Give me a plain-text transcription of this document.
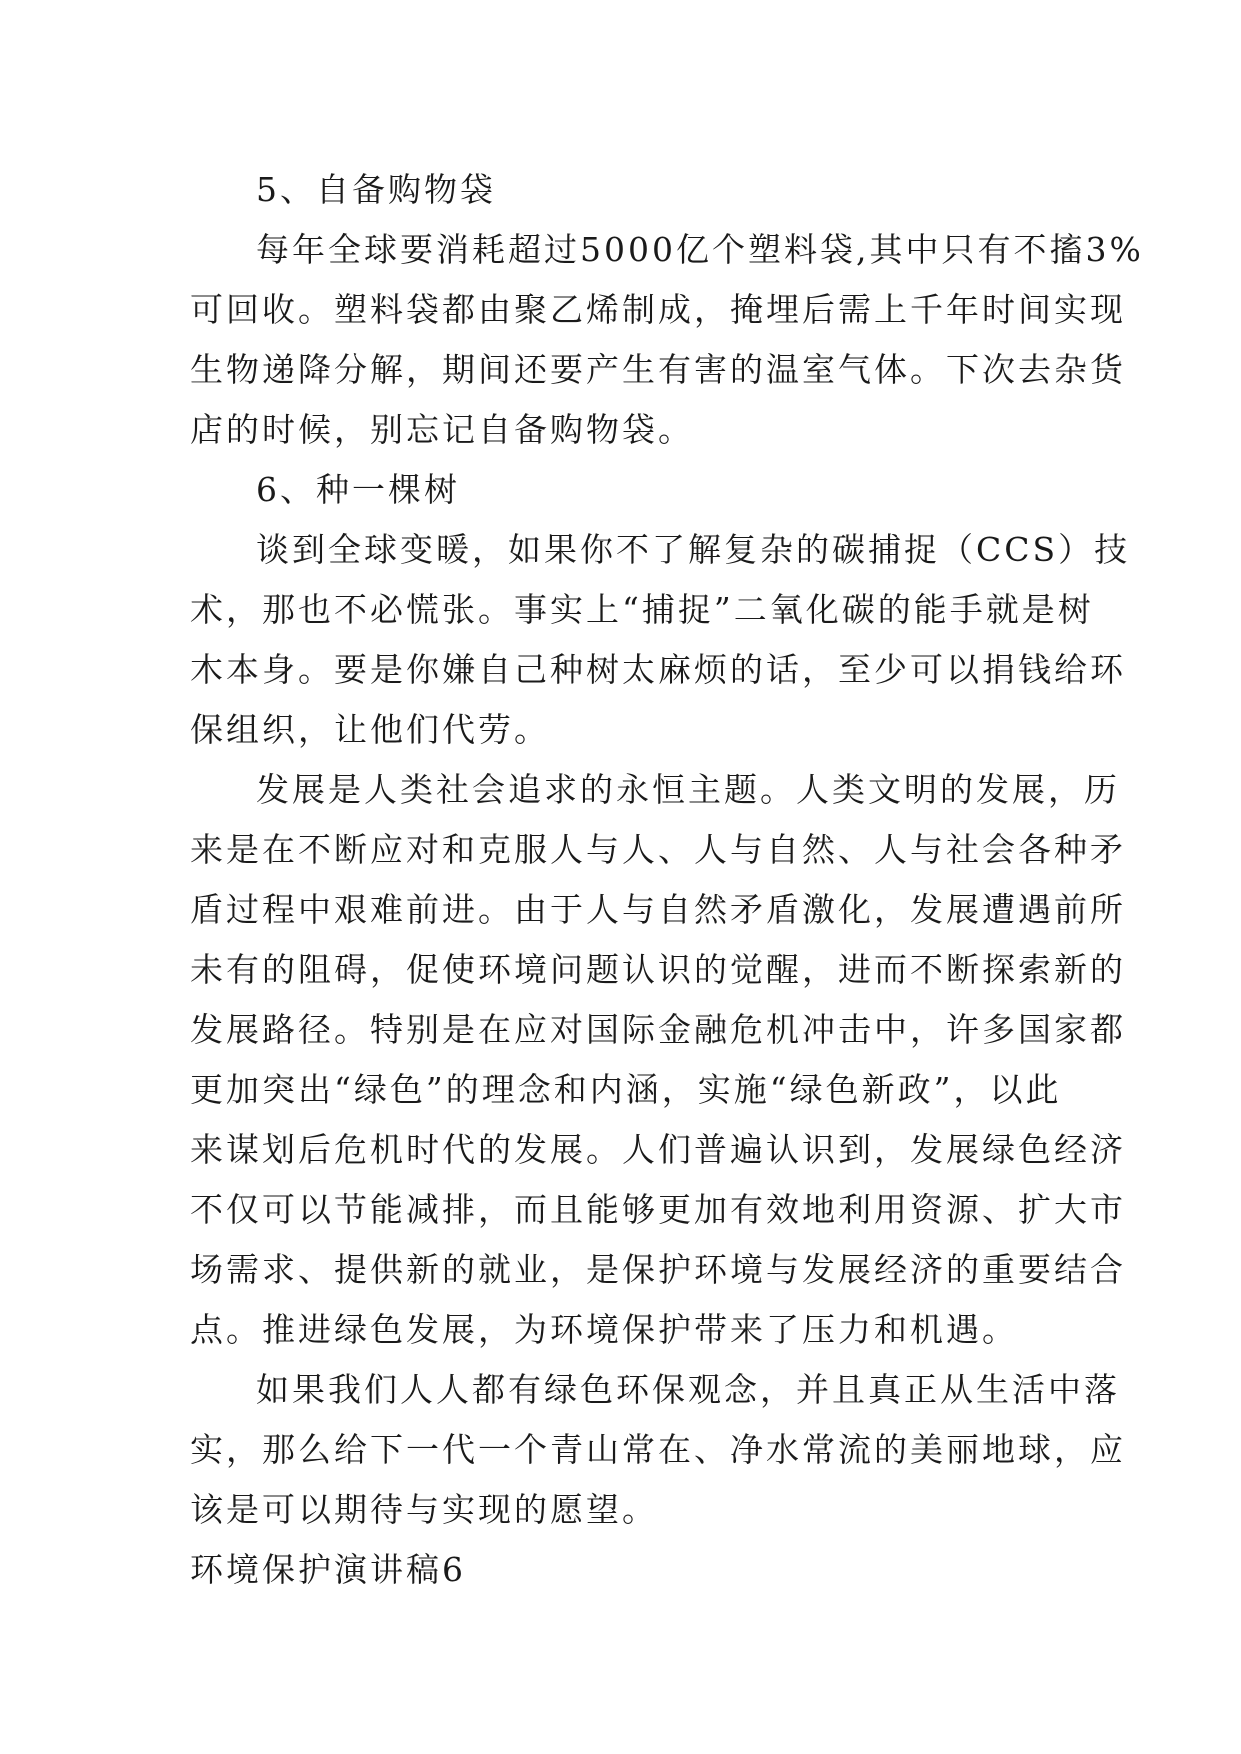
5、自备购物袋
每年全球要消耗超过5000亿个塑料袋,其中只有不搐3%
可回收。塑料袋都由聚乙烯制成，掩埋后需上千年时间实现
生物递降分解，期间还要产生有害的温室气体。下次去杂货
店的时候，别忘记自备购物袋。
6、种一棵树
谈到全球变暖，如果你不了解复杂的碳捕捉（CCS）技
术，那也不必慌张。事实上“捕捉”二氧化碳的能手就是树
木本身。要是你嫌自己种树太麻烦的话，至少可以捐钱给环
保组织，让他们代劳。
发展是人类社会追求的永恒主题。人类文明的发展，历
来是在不断应对和克服人与人、人与自然、人与社会各种矛
盾过程中艰难前进。由于人与自然矛盾激化，发展遭遇前所
未有的阻碍，促使环境问题认识的觉醒，进而不断探索新的
发展路径。特别是在应对国际金融危机冲击中，许多国家都
更加突出“绿色”的理念和内涵，实施“绿色新政”，以此
来谋划后危机时代的发展。人们普遍认识到，发展绿色经济
不仅可以节能减排，而且能够更加有效地利用资源、扩大市
场需求、提供新的就业，是保护环境与发展经济的重要结合
点。推进绿色发展，为环境保护带来了压力和机遇。
如果我们人人都有绿色环保观念，并且真正从生活中落
实，那么给下一代一个青山常在、净水常流的美丽地球，应
该是可以期待与实现的愿望。
环境保护演讲稿6
